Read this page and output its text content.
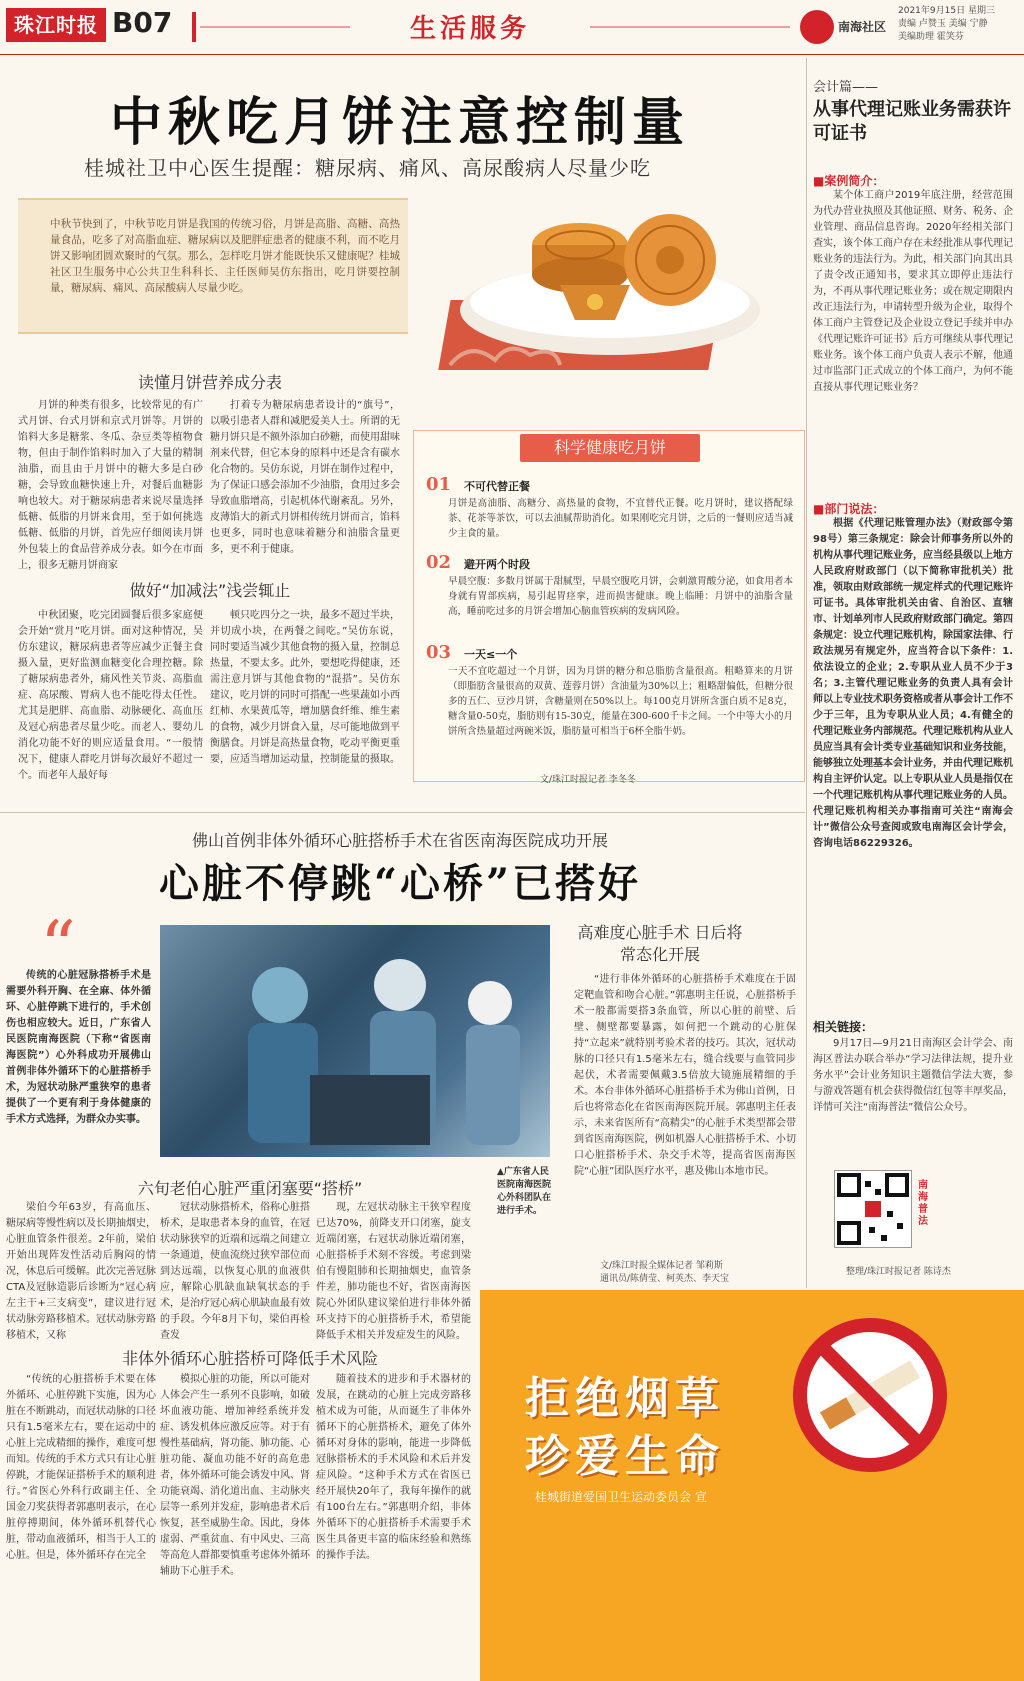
珠江时报 B07	生活服务	南海社区
2021年9月15日 星期三
责编 卢赞玉 美编 宁静
美编助理 霍笑芬
中秋吃月饼注意控制量
桂城社卫中心医生提醒：糖尿病、痛风、高尿酸病人尽量少吃
中秋节快到了，中秋节吃月饼是我国的传统习俗，月饼是高脂、高糖、高热量食品，吃多了对高脂血症、糖尿病以及肥胖症患者的健康不利，而不吃月饼又影响团圆欢聚时的气氛。那么，怎样吃月饼才能既快乐又健康呢？桂城社区卫生服务中心公共卫生科科长、主任医师吴仿东指出，吃月饼要控制量，糖尿病、痛风、高尿酸病人尽量少吃。
读懂月饼营养成分表

月饼的种类有很多，比较常见的有广式月饼、台式月饼和京式月饼等。月饼的馅料大多是糖浆、冬瓜、杂豆类等植物食物，但由于制作馅料时加入了大量的精制油脂，而且由于月饼中的糖大多是白砂糖，会导致血糖快速上升，对餐后血糖影响也较大。对于糖尿病患者来说尽量选择低糖、低脂的月饼来食用，至于如何挑选低糖、低脂的月饼，首先应仔细阅读月饼外包装上的食品营养成分表。如今在市面上，很多无糖月饼商家

打着专为糖尿病患者设计的“旗号”，以吸引患者人群和减肥爱美人士。所谓的无糖月饼只是不额外添加白砂糖，而使用甜味剂来代替，但它本身的原料中还是含有碳水化合物的。吴仿东说，月饼在制作过程中，为了保证口感会添加不少油脂，食用过多会导致血脂增高，引起机体代谢紊乱。另外，皮薄馅大的新式月饼相传统月饼而言，馅料也更多，同时也意味着糖分和油脂含量更多，更不利于健康。

做好“加减法”浅尝辄止

中秋团聚，吃完团圆餐后很多家庭便会开始“赏月”吃月饼。面对这种情况，吴仿东建议，糖尿病患者等应减少正餐主食摄入量，更好监测血糖变化合理控糖。除了糖尿病患者外，痛风性关节炎、高脂血症、高尿酸、胃病人也不能吃得太任性。尤其是肥胖、高血脂、动脉硬化、高血压及冠心病患者尽量少吃。而老人、婴幼儿消化功能不好的则应适量食用。“一般情况下，健康人群吃月饼每次最好不超过一个。而老年人最好每

顿只吃四分之一块，最多不超过半块，并切成小块，在两餐之间吃。”吴仿东说，同时要适当减少其他食物的摄入量，控制总热量，不要太多。此外，要想吃得健康，还需注意月饼与其他食物的“混搭”。吴仿东建议，吃月饼的同时可搭配一些果蔬如小西红柿、水果黄瓜等，增加膳食纤维、维生素的食物，减少月饼食入量，尽可能地做到平衡膳食。月饼是高热量食物，吃动平衡更重要，应适当增加运动量，控制能量的摄取。

科学健康吃月饼
01 不可代替正餐
月饼是高油脂、高糖分、高热量的食物，不宜替代正餐。吃月饼时，建议搭配绿茶、花茶等茶饮，可以去油腻帮助消化。如果刚吃完月饼，之后的一餐则应适当减少主食的量。
02 避开两个时段
早晨空腹：多数月饼属于甜腻型，早晨空腹吃月饼，会刺激胃酸分泌，如食用者本身就有胃部疾病，易引起胃痉挛，进而损害健康。晚上临睡：月饼中的油脂含量高，睡前吃过多的月饼会增加心脑血管疾病的发病风险。
03 一天≤一个
一天不宜吃超过一个月饼，因为月饼的糖分和总脂肪含量很高。粗略算来的月饼（即脂肪含量很高的双黄、莲蓉月饼）含油量为30%以上；粗略甜偏低，但糖分很多的五仁、豆沙月饼，含糖量则在50%以上。每100克月饼所含蛋白质不足8克，糖含量0-50克，脂肪则有15-30克，能量在300-600千卡之间。一个中等大小的月饼所含热量超过两碗米饭，脂肪量可相当于6杯全脂牛奶。
文/珠江时报记者 李冬冬
佛山首例非体外循环心脏搭桥手术在省医南海医院成功开展
心脏不停跳“心桥”已搭好
“

传统的心脏冠脉搭桥手术是需要外科开胸、在全麻、体外循环、心脏停跳下进行的，手术创伤也相应较大。近日，广东省人民医院南海医院（下称“省医南海医院”）心外科成功开展佛山首例非体外循环下的心脏搭桥手术，为冠状动脉严重狭窄的患者提供了一个更有利于身体健康的手术方式选择，为群众办实事。

▲广东省人民医院南海医院心外科团队在进行手术。
六旬老伯心脏严重闭塞要“搭桥”

梁伯今年63岁，有高血压、糖尿病等慢性病以及长期抽烟史，心脏血管条件很差。2年前，梁伯开始出现阵发性活动后胸闷的情况，休息后可缓解。此次完善冠脉CTA及冠脉造影后诊断为“冠心病左主干+三支病变”，建议进行冠状动脉旁路移植术。冠状动脉旁路移植术，又称

冠状动脉搭桥术，俗称心脏搭桥术，是取患者本身的血管，在冠状动脉狭窄的近端和远端之间建立一条通道，使血流绕过狭窄部位而到达远端，以恢复心肌的血液供应，解除心肌缺血缺氧状态的手术，是治疗冠心病心肌缺血最有效的手段。今年8月下旬，梁伯再检查发

现，左冠状动脉主干狭窄程度已达70%，前降支开口闭塞，旋支近端闭塞，右冠状动脉近端闭塞，心脏搭桥手术刻不容缓。考虑到梁伯有慢阻肺和长期抽烟史，血管条件差，肺功能也不好，省医南海医院心外团队建议梁伯进行非体外循环支持下的心脏搭桥手术，希望能降低手术相关并发症发生的风险。

非体外循环心脏搭桥可降低手术风险

“传统的心脏搭桥手术要在体外循环、心脏停跳下实施，因为心脏在不断跳动，而冠状动脉的口径只有1.5毫米左右，要在运动中的心脏上完成精细的操作，难度可想而知。传统的手术方式只有让心脏停跳，才能保证搭桥手术的顺利进行。”省医心外科行政副主任、全国金刀奖获得者郭惠明表示，在心脏停搏期间，体外循环机替代心脏，带动血液循环，相当于人工的心脏。但是，体外循环存在完全

模拟心脏的功能，所以可能对人体会产生一系列不良影响，如破坏血液功能、增加神经系统并发症、诱发机体应激反应等。对于有慢性基础病，肾功能、肺功能、心脏功能、凝血功能不好的高危患者，体外循环可能会诱发中风、肾功能衰竭、消化道出血、主动脉夹层等一系列并发症，影响患者术后恢复，甚至威胁生命。因此，身体虚弱、严重贫血、有中风史、三高等高危人群都要慎重考虑体外循环辅助下心脏手术。

随着技术的进步和手术器材的发展，在跳动的心脏上完成旁路移植术成为可能，从而诞生了非体外循环下的心脏搭桥术，避免了体外循环对身体的影响，能进一步降低冠脉搭桥术的手术风险和术后并发症风险。“这种手术方式在省医已经开展快20年了，我每年操作的就有100台左右。”郭惠明介绍，非体外循环下的心脏搭桥手术需要手术医生具备更丰富的临床经验和熟练的操作手法。

高难度心脏手术 日后将常态化开展

“进行非体外循环的心脏搭桥手术难度在于固定靶血管和吻合心脏。”郭惠明主任说，心脏搭桥手术一般都需要搭3条血管，所以心脏的前壁、后壁、侧壁都要暴露，如何把一个跳动的心脏保持“立起来”就特别考验术者的技巧。其次，冠状动脉的口径只有1.5毫米左右，缝合线要与血管同步起伏，术者需要佩戴3.5倍放大镜施展精细的手术。本台非体外循环心脏搭桥手术为佛山首例，日后也将常态化在省医南海医院开展。郭惠明主任表示，未来省医所有“高精尖”的心脏手术类型都会带到省医南海医院，例如机器人心脏搭桥手术、小切口心脏搭桥手术、杂交手术等，提高省医南海医院“心脏”团队医疗水平，惠及佛山本地市民。

文/珠江时报全媒体记者 邹莉斯
通讯员/陈倩莹、柯英杰、李天宝
会计篇——
从事代理记账业务需获许可证书
■案例简介：

某个体工商户2019年底注册，经营范围为代办营业执照及其他证照、财务、税务、企业管理、商品信息咨询。2020年经相关部门查实，该个体工商户存在未经批准从事代理记账业务的违法行为。为此，相关部门向其出具了责令改正通知书，要求其立即停止违法行为，不再从事代理记账业务；或在规定期限内改正违法行为，申请转型升级为企业，取得个体工商户主管登记及企业设立登记手续并申办《代理记账许可证书》后方可继续从事代理记账业务。该个体工商户负责人表示不解，他通过市监部门正式成立的个体工商户，为何不能直接从事代理记账业务？

■部门说法：

根据《代理记账管理办法》（财政部令第98号）第三条规定：除会计师事务所以外的机构从事代理记账业务，应当经县级以上地方人民政府财政部门（以下简称审批机关）批准，领取由财政部统一规定样式的代理记账许可证书。具体审批机关由省、自治区、直辖市、计划单列市人民政府财政部门确定。第四条规定：设立代理记账机构，除国家法律、行政法规另有规定外，应当符合以下条件：1.依法设立的企业；2.专职从业人员不少于3名；3.主管代理记账业务的负责人具有会计师以上专业技术职务资格或者从事会计工作不少于三年，且为专职从业人员；4.有健全的代理记账业务内部规范。代理记账机构从业人员应当具有会计类专业基础知识和业务技能，能够独立处理基本会计业务，并由代理记账机构自主评价认定。以上专职从业人员是指仅在一个代理记账机构从事代理记账业务的人员。代理记账机构相关办事指南可关注“南海会计”微信公众号查阅或致电南海区会计学会，咨询电话86229326。

相关链接：

9月17日—9月21日南海区会计学会、南海区普法办联合举办“学习法律法规，提升业务水平”会计业务知识主题微信学法大赛，参与游戏答题有机会获得微信红包等丰厚奖品，详情可关注“南海普法”微信公众号。

南海普法
整理/珠江时报记者 陈诗杰
拒绝烟草
珍爱生命
桂城街道爱国卫生运动委员会 宣
